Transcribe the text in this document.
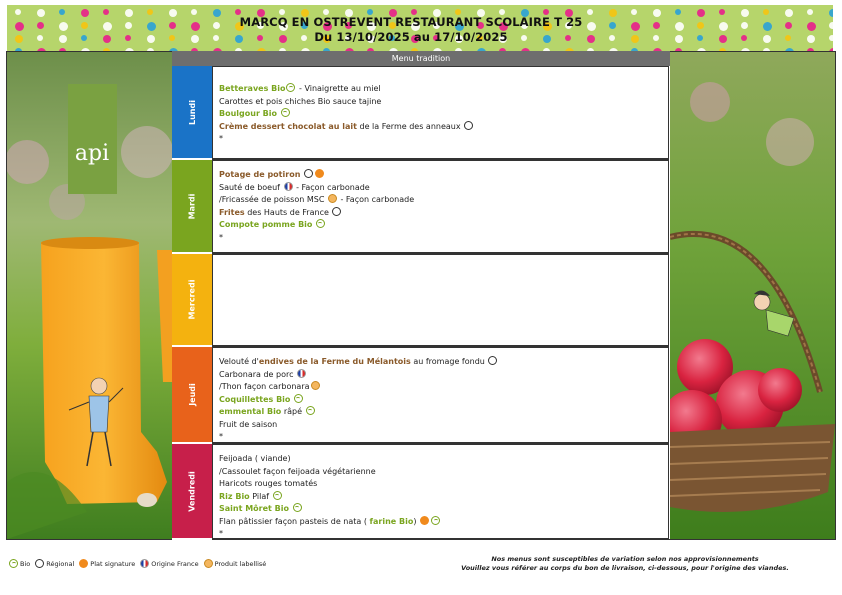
MARCQ EN OSTREVENT RESTAURANT SCOLAIRE T 25
Du 13/10/2025 au 17/10/2025
api
Menu tradition
Lundi
Betteraves Bio - Vinaigrette au miel
Carottes et pois chiches Bio sauce tajine
Boulgour Bio
Crème dessert chocolat au lait de la Ferme des anneaux
*
Mardi
Potage de potiron
Sauté de boeuf  - Façon carbonade
/Fricassée de poisson MSC  - Façon carbonade
Frites des Hauts de France
Compote pomme Bio
*
Mercredi
Jeudi
Velouté d'endives de la Ferme du Mélantois au fromage fondu
Carbonara de porc
/Thon façon carbonara
Coquillettes Bio
emmental Bio râpé
Fruit de saison
*
Vendredi
Feijoada ( viande)
/Cassoulet façon feijoada végétarienne
Haricots rouges tomatés
Riz Bio Pilaf
Saint Môret Bio
Flan pâtissier façon pasteis de nata ( farine Bio)
*
Bio Régional Plat signature Origine France Produit labellisé
Nos menus sont susceptibles de variation selon nos approvisionnements
Vouillez vous référer au corps du bon de livraison, ci-dessous, pour l'origine des viandes.
